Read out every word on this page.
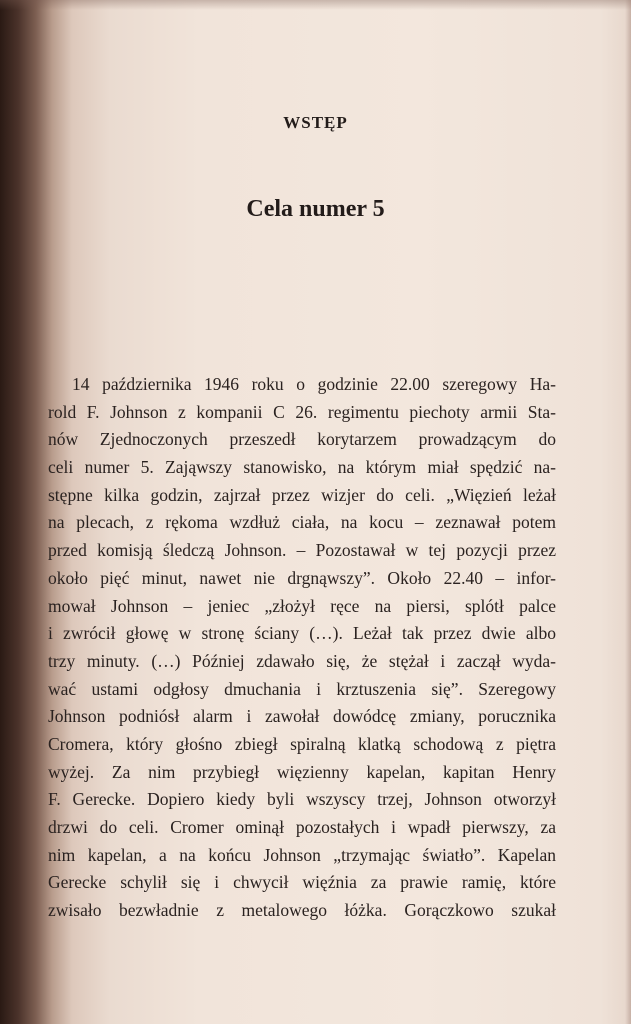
WSTĘP
Cela numer 5
14 października 1946 roku o godzinie 22.00 szeregowy Ha-
rold F. Johnson z kompanii C 26. regimentu piechoty armii Sta-
nów Zjednoczonych przeszedł korytarzem prowadzącym do
celi numer 5. Zająwszy stanowisko, na którym miał spędzić na-
stępne kilka godzin, zajrzał przez wizjer do celi. „Więzień leżał
na plecach, z rękoma wzdłuż ciała, na kocu – zeznawał potem
przed komisją śledczą Johnson. – Pozostawał w tej pozycji przez
około pięć minut, nawet nie drgnąwszy”. Około 22.40 – infor-
mował Johnson – jeniec „złożył ręce na piersi, splótł palce
i zwrócił głowę w stronę ściany (…). Leżał tak przez dwie albo
trzy minuty. (…) Później zdawało się, że stężał i zaczął wyda-
wać ustami odgłosy dmuchania i krztuszenia się”. Szeregowy
Johnson podniósł alarm i zawołał dowódcę zmiany, porucznika
Cromera, który głośno zbiegł spiralną klatką schodową z piętra
wyżej. Za nim przybiegł więzienny kapelan, kapitan Henry
F. Gerecke. Dopiero kiedy byli wszyscy trzej, Johnson otworzył
drzwi do celi. Cromer ominął pozostałych i wpadł pierwszy, za
nim kapelan, a na końcu Johnson „trzymając światło”. Kapelan
Gerecke schylił się i chwycił więźnia za prawie ramię, które
zwisało bezwładnie z metalowego łóżka. Gorączkowo szukał
